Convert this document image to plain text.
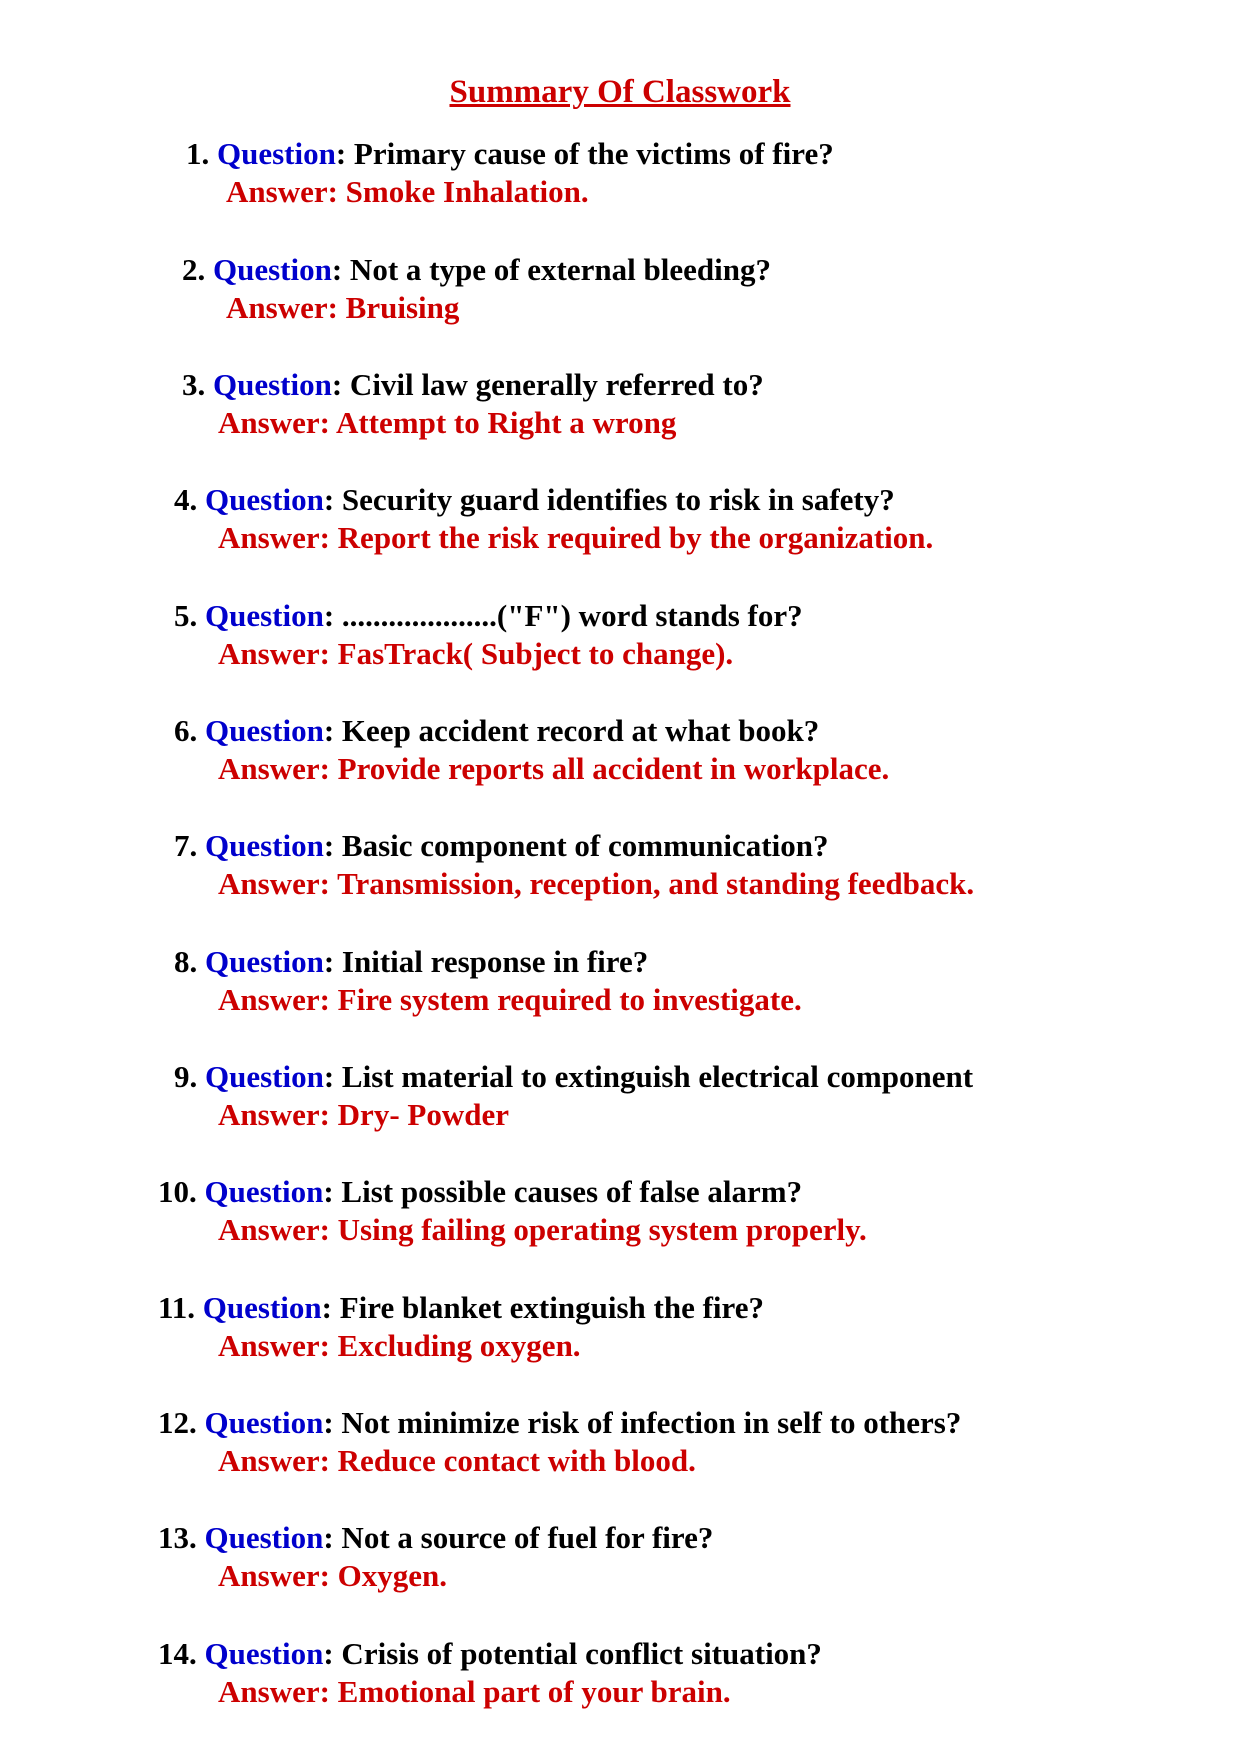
Summary Of Classwork
1. Question: Primary cause of the victims of fire?
Answer: Smoke Inhalation.
2. Question: Not a type of external bleeding?
Answer: Bruising
3. Question: Civil law generally referred to?
Answer: Attempt to Right a wrong
4. Question: Security guard identifies to risk in safety?
Answer: Report the risk required by the organization.
5. Question: ....................("F") word stands for?
Answer: FasTrack( Subject to change).
6. Question: Keep accident record at what book?
Answer: Provide reports all accident in workplace.
7. Question: Basic component of communication?
Answer: Transmission, reception, and standing feedback.
8. Question: Initial response in fire?
Answer: Fire system required to investigate.
9. Question: List material to extinguish electrical component
Answer: Dry- Powder
10. Question: List possible causes of false alarm?
Answer: Using failing operating system properly.
11. Question: Fire blanket extinguish the fire?
Answer: Excluding oxygen.
12. Question: Not minimize risk of infection in self to others?
Answer: Reduce contact with blood.
13. Question: Not a source of fuel for fire?
Answer: Oxygen.
14. Question: Crisis of potential conflict situation?
Answer: Emotional part of your brain.
